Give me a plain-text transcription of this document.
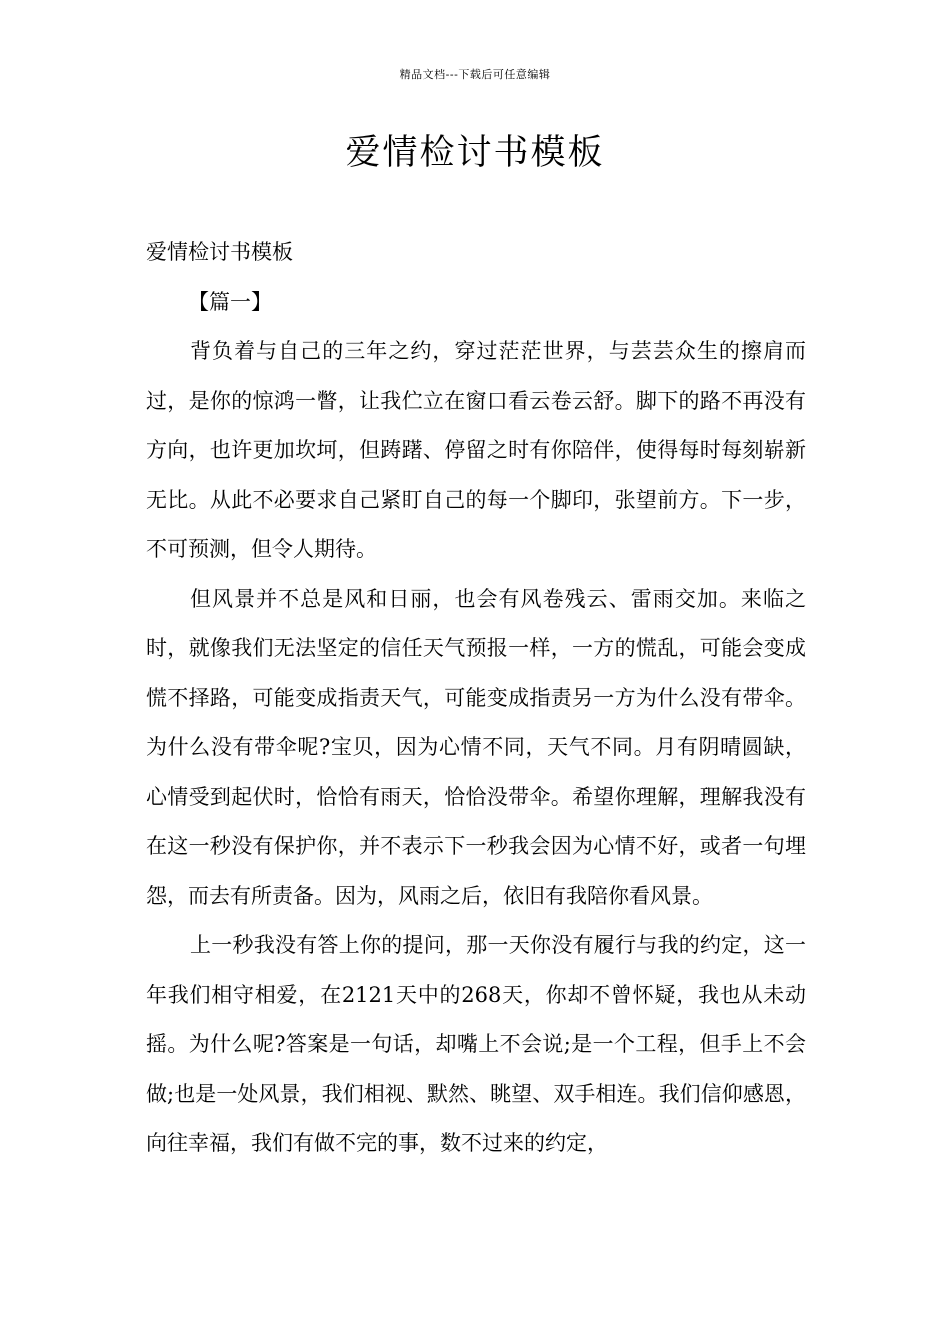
精品文档---下载后可任意编辑
爱情检讨书模板

爱情检讨书模板

【篇一】

背负着与自己的三年之约，穿过茫茫世界，与芸芸众生的擦肩而过，是你的惊鸿一瞥，让我伫立在窗口看云卷云舒。脚下的路不再没有方向，也许更加坎坷，但踌躇、停留之时有你陪伴，使得每时每刻崭新无比。从此不必要求自己紧盯自己的每一个脚印，张望前方。下一步，不可预测，但令人期待。

但风景并不总是风和日丽，也会有风卷残云、雷雨交加。来临之时，就像我们无法坚定的信任天气预报一样，一方的慌乱，可能会变成慌不择路，可能变成指责天气，可能变成指责另一方为什么没有带伞。为什么没有带伞呢?宝贝，因为心情不同，天气不同。月有阴晴圆缺，心情受到起伏时，恰恰有雨天，恰恰没带伞。希望你理解，理解我没有在这一秒没有保护你，并不表示下一秒我会因为心情不好，或者一句埋怨，而去有所责备。因为，风雨之后，依旧有我陪你看风景。

上一秒我没有答上你的提问，那一天你没有履行与我的约定，这一年我们相守相爱，在2121天中的268天，你却不曾怀疑，我也从未动摇。为什么呢?答案是一句话，却嘴上不会说;是一个工程，但手上不会做;也是一处风景，我们相视、默然、眺望、双手相连。我们信仰感恩，向往幸福，我们有做不完的事，数不过来的约定，
